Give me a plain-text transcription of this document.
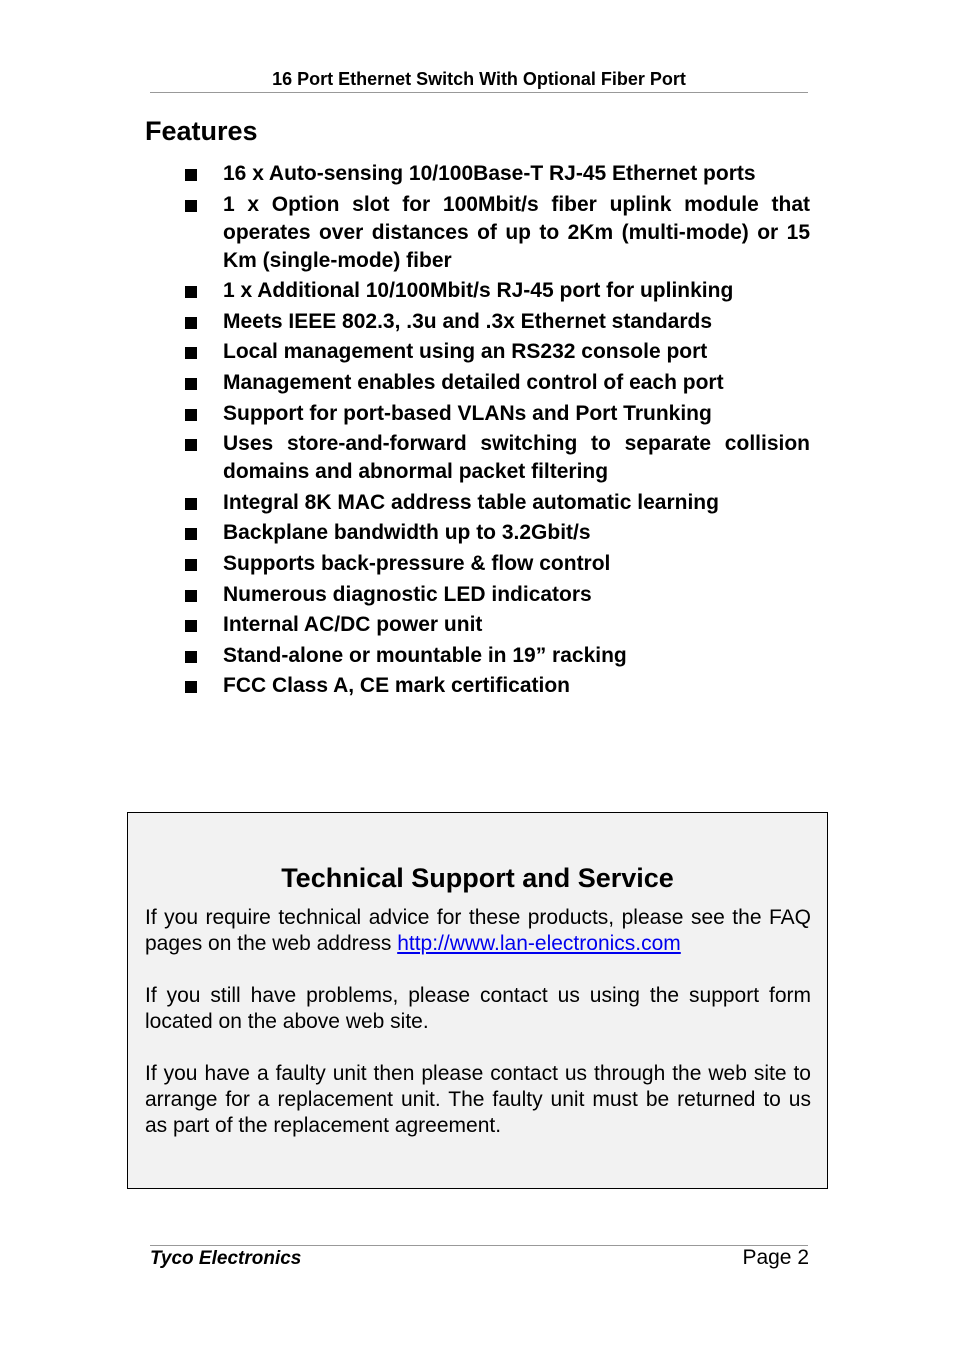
16 Port Ethernet Switch With Optional Fiber Port
Features
16 x Auto-sensing 10/100Base-T RJ-45 Ethernet ports
1 x Option slot for 100Mbit/s fiber uplink module that operates over distances of up to 2Km (multi-mode) or 15 Km (single-mode) fiber
1 x Additional 10/100Mbit/s RJ-45 port for uplinking
Meets IEEE 802.3, .3u and .3x Ethernet standards
Local management using an RS232 console port
Management enables detailed control of each port
Support for port-based VLANs and Port Trunking
Uses store-and-forward switching to separate collision domains and abnormal packet filtering
Integral 8K MAC address table automatic learning
Backplane bandwidth up to 3.2Gbit/s
Supports back-pressure & flow control
Numerous diagnostic LED indicators
Internal AC/DC power unit
Stand-alone or mountable in 19” racking
FCC Class A, CE mark certification
Technical Support and Service

If you require technical advice for these products, please see the FAQ pages on the web address http://www.lan-electronics.com

If you still have problems, please contact us using the support form located on the above web site.

If you have a faulty unit then please contact us through the web site to arrange for a replacement unit. The faulty unit must be returned to us as part of the replacement agreement.

Tyco Electronics	Page 2
